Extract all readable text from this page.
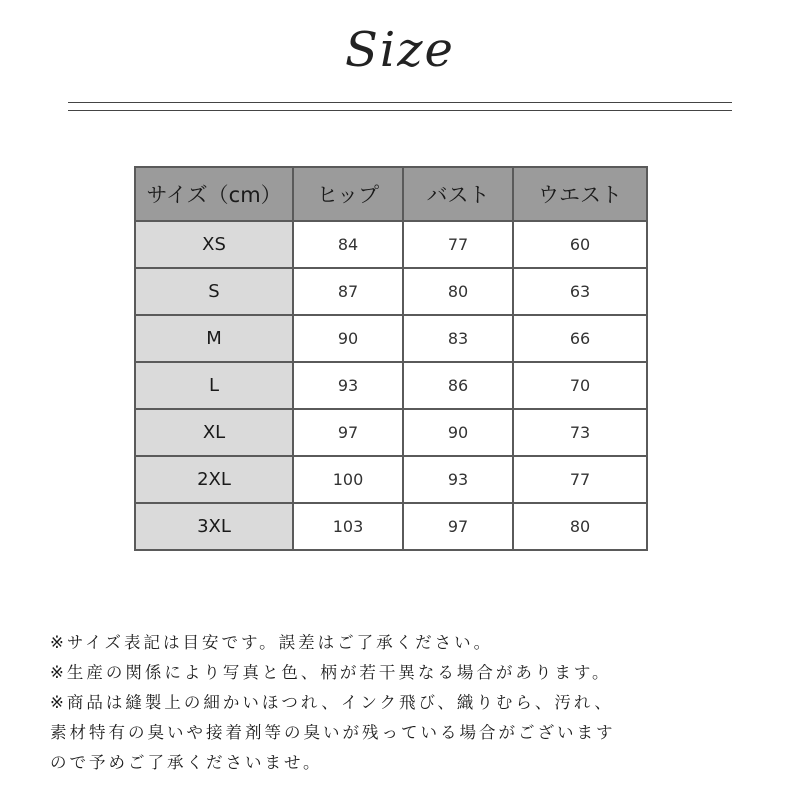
Size
サイズ（cm）	ヒップ	バスト	ウエスト
XS	84	77	60
S	87	80	63
M	90	83	66
L	93	86	70
XL	97	90	73
2XL	100	93	77
3XL	103	97	80
※サイズ表記は目安です。誤差はご了承ください。
※生産の関係により写真と色、柄が若干異なる場合があります。
※商品は縫製上の細かいほつれ、インク飛び、織りむら、汚れ、
素材特有の臭いや接着剤等の臭いが残っている場合がございます
ので予めご了承くださいませ。
